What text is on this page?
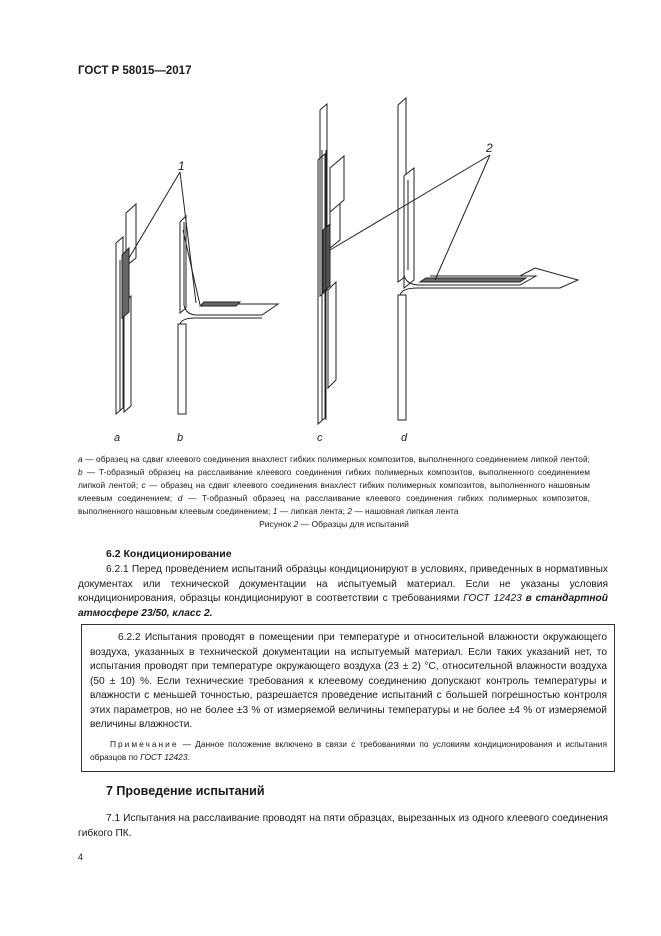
ГОСТ Р 58015—2017
1
2
a	b	c	d
a — образец на сдвиг клеевого соединения внахлест гибких полимерных композитов, выполненного соединением липкой лентой; b — T-образный образец на расслаивание клеевого соединения гибких полимерных композитов, выполненного соединением липкой лентой; c — образец на сдвиг клеевого соединения внахлест гибких полимерных композитов, выполненного нашовным клеевым соединением; d — T-образный образец на расслаивание клеевого соединения гибких полимерных композитов, выполненного нашовным клеевым соединением; 1 — липкая лента; 2 — нашовная липкая лента
Рисунок 2 — Образцы для испытаний
6.2 Кондиционирование
6.2.1 Перед проведением испытаний образцы кондиционируют в условиях, приведенных в нормативных документах или технической документации на испытуемый материал. Если не указаны условия кондиционирования, образцы кондиционируют в соответствии с требованиями ГОСТ 12423 в стандартной атмосфере 23/50, класс 2.
6.2.2 Испытания проводят в помещении при температуре и относительной влажности окружающего воздуха, указанных в технической документации на испытуемый материал. Если таких указаний нет, то испытания проводят при температуре окружающего воздуха (23 ± 2) °С, относительной влажности воздуха (50 ± 10) %. Если технические требования к клеевому соединению допускают контроль температуры и влажности с меньшей точностью, разрешается проведение испытаний с большей погрешностью контроля этих параметров, но не более ±3 % от измеряемой величины температуры и не более ±4 % от измеряемой величины влажности.
Примечание — Данное положение включено в связи с требованиями по условиям кондиционирования и испытания образцов по ГОСТ 12423.
7 Проведение испытаний
7.1 Испытания на расслаивание проводят на пяти образцах, вырезанных из одного клеевого соединения гибкого ПК.
4
